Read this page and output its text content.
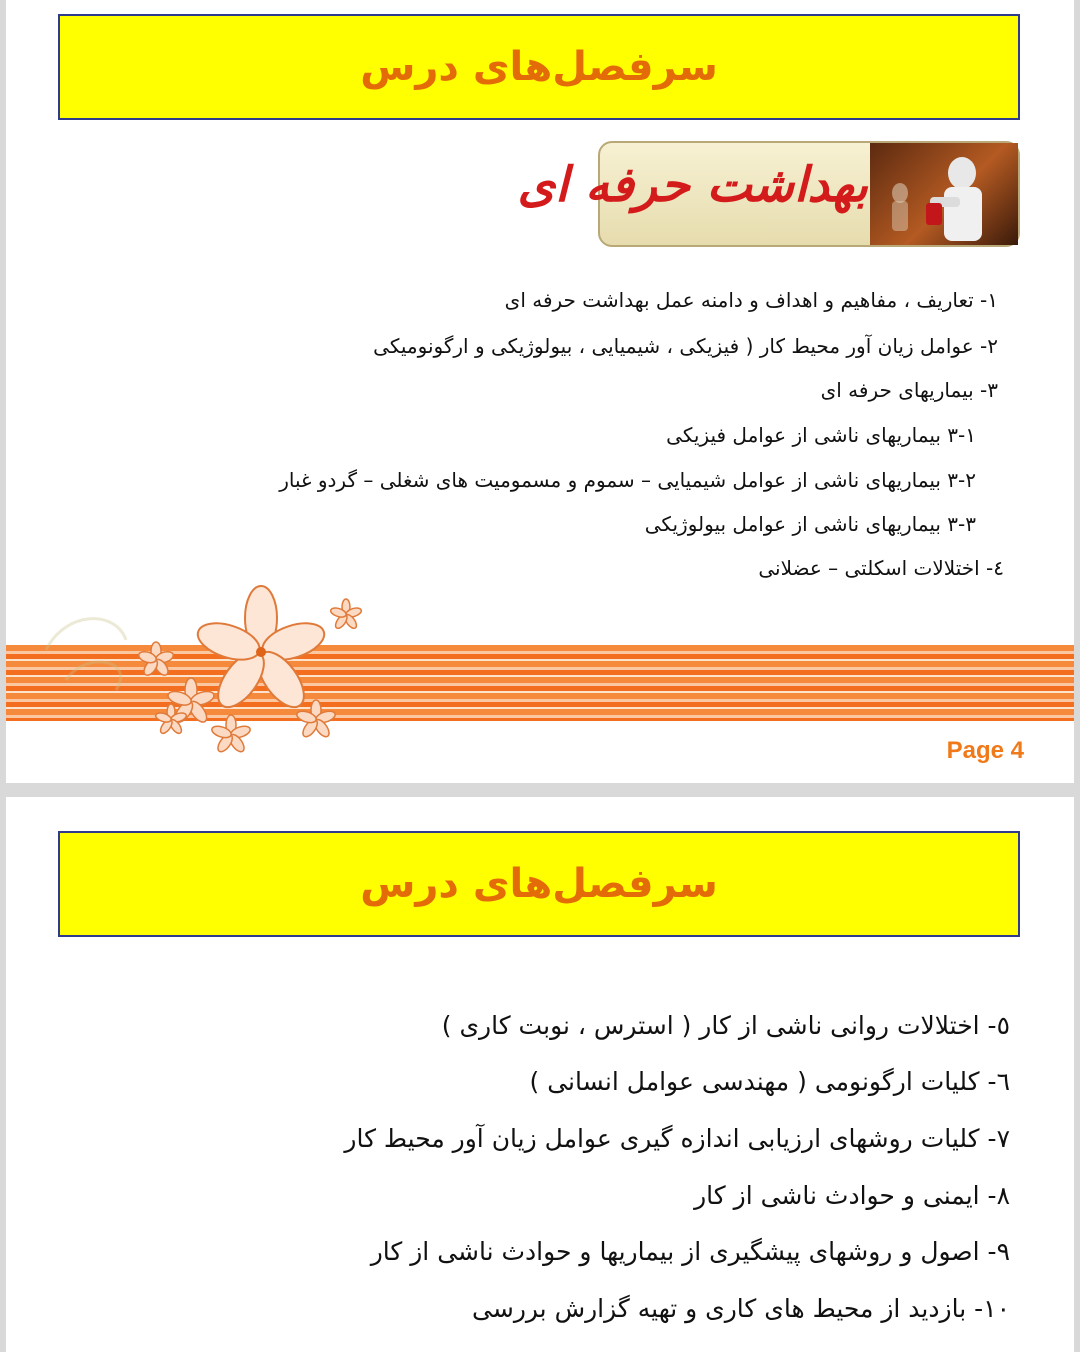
سرفصل‌های درس
بهداشت حرفه ای
۱- تعاریف ، مفاهیم و اهداف و دامنه عمل بهداشت حرفه ای
۲- عوامل زیان آور محیط کار ( فیزیکی ، شیمیایی ، بیولوژیکی و ارگونومیکی
۳- بیماریهای حرفه ای
۳-۱ بیماریهای ناشی از عوامل فیزیکی
۳-۲ بیماریهای ناشی از عوامل شیمیایی – سموم و مسمومیت های شغلی – گردو غبار
۳-۳ بیماریهای ناشی از عوامل بیولوژیکی
٤- اختلالات اسکلتی – عضلانی
Page 4
سرفصل‌های درس
٥- اختلالات روانی ناشی از کار ( استرس ، نوبت کاری )
٦- کلیات ارگونومی ( مهندسی عوامل انسانی )
٧- کلیات روشهای ارزیابی اندازه گیری عوامل زیان آور محیط کار
٨- ایمنی و حوادث ناشی از کار
٩- اصول و روشهای پیشگیری از بیماریها و حوادث ناشی از کار
١٠- بازدید از محیط های کاری و تهیه گزارش بررسی
